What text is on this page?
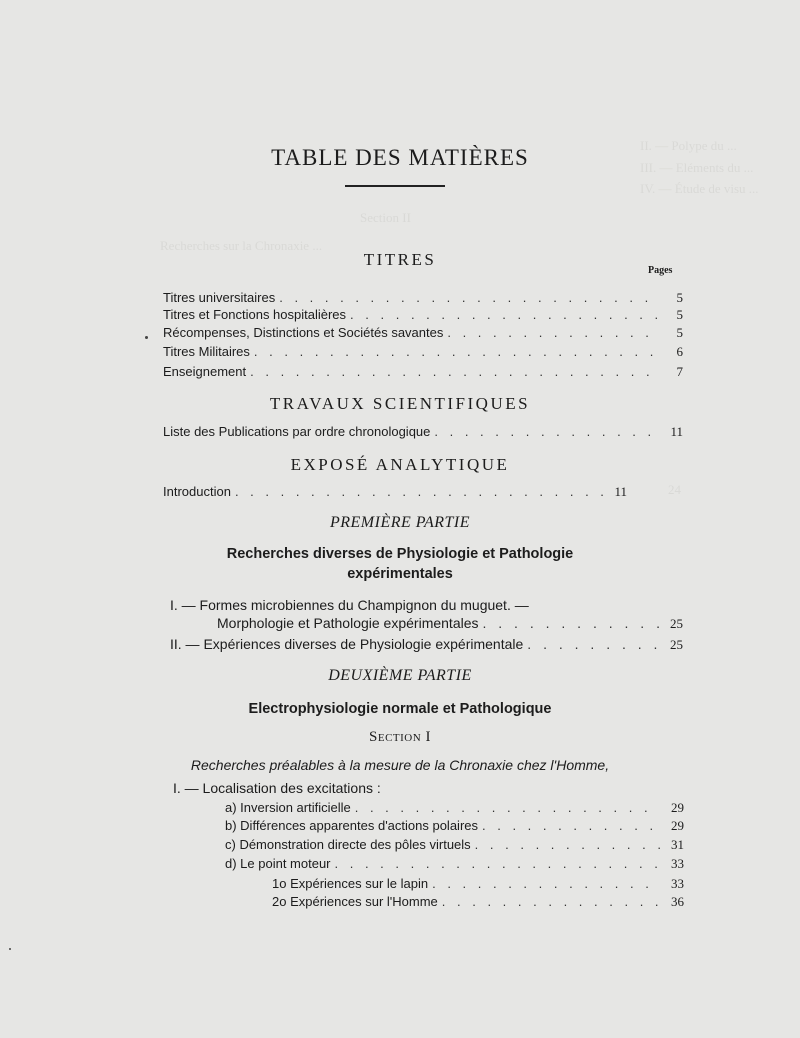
II. — Polype du ...
III. — Eléments du ...
IV. — Étude de visu ...
Section II
Recherches sur la Chronaxie ...
24
TABLE DES MATIÈRES
TITRES
Pages
Titres universitaires . . .	5
Titres et Fonctions hospitalières . . .	5
Récompenses, Distinctions et Sociétés savantes . . .	5
Titres Militaires . . .	6
Enseignement . . .	7
TRAVAUX SCIENTIFIQUES
Liste des Publications par ordre chronologique . . .	11
EXPOSÉ ANALYTIQUE
Introduction . . .	11
PREMIÈRE PARTIE
Recherches diverses de Physiologie et Pathologie
expérimentales
I. — Formes microbiennes du Champignon du muguet. —
Morphologie et Pathologie expérimentales . . .	25
II. — Expériences diverses de Physiologie expérimentale . . .	25
DEUXIÈME PARTIE
Electrophysiologie normale et Pathologique
Section I
Recherches préalables à la mesure de la Chronaxie chez l'Homme,
I. — Localisation des excitations :
a) Inversion artificielle . . .	29
b) Différences apparentes d'actions polaires . . .	29
c) Démonstration directe des pôles virtuels . . .	31
d) Le point moteur . . .	33
1o Expériences sur le lapin . . .	33
2o Expériences sur l'Homme . . .	36
